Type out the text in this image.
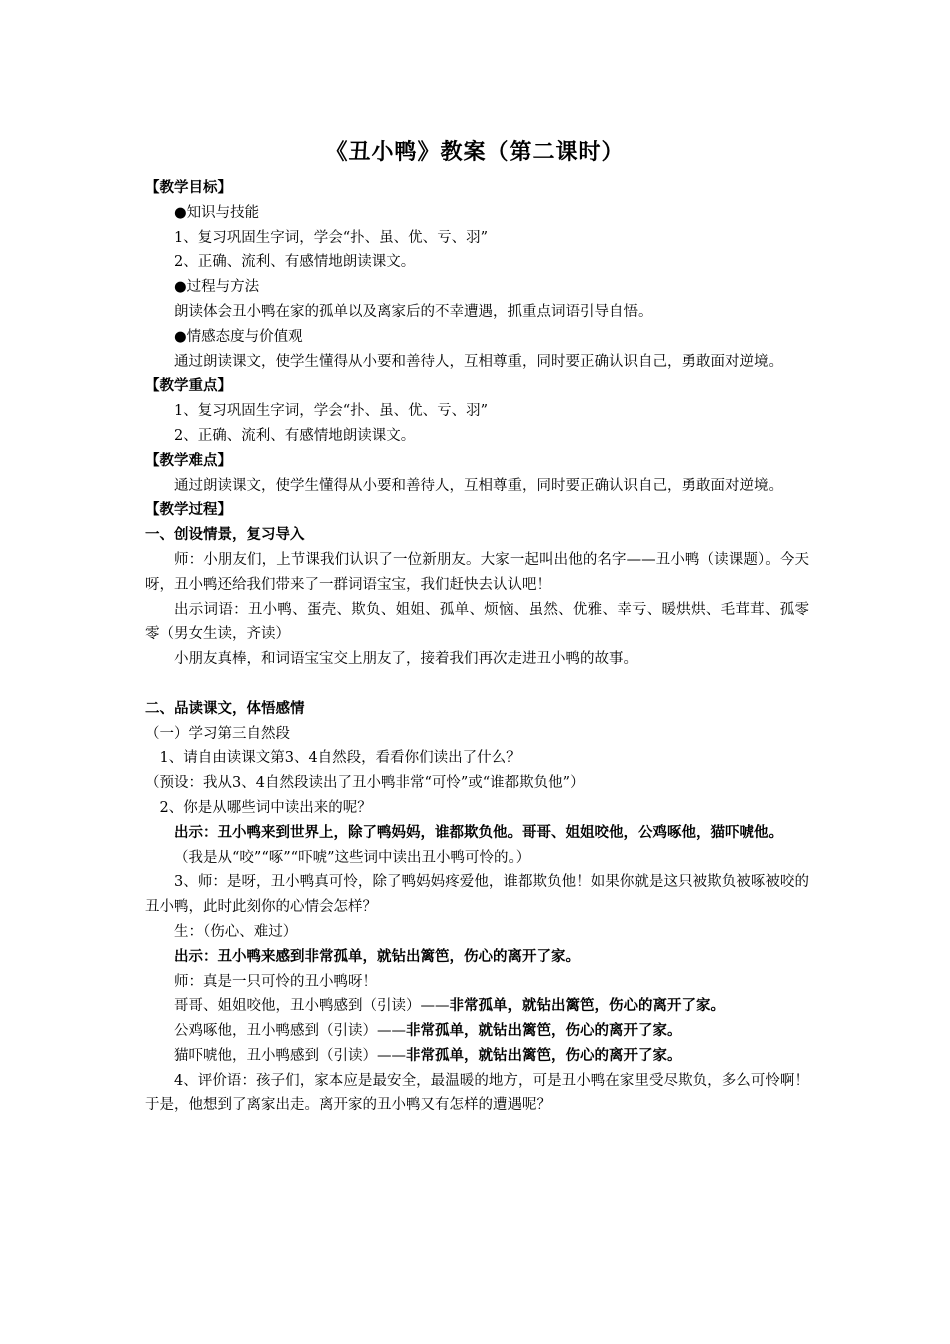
《丑小鸭》教案（第二课时）

【教学目标】

●知识与技能

1、复习巩固生字词，学会“扑、虽、优、亏、羽”

2、正确、流利、有感情地朗读课文。

●过程与方法

朗读体会丑小鸭在家的孤单以及离家后的不幸遭遇，抓重点词语引导自悟。

●情感态度与价值观

通过朗读课文，使学生懂得从小要和善待人，互相尊重，同时要正确认识自己，勇敢面对逆境。

【教学重点】

1、复习巩固生字词，学会“扑、虽、优、亏、羽”

2、正确、流利、有感情地朗读课文。

【教学难点】

通过朗读课文，使学生懂得从小要和善待人，互相尊重，同时要正确认识自己，勇敢面对逆境。

【教学过程】

一、创设情景，复习导入

师：小朋友们，上节课我们认识了一位新朋友。大家一起叫出他的名字——丑小鸭（读课题）。今天呀，丑小鸭还给我们带来了一群词语宝宝，我们赶快去认认吧！

出示词语：丑小鸭、蛋壳、欺负、姐姐、孤单、烦恼、虽然、优雅、幸亏、暖烘烘、毛茸茸、孤零零（男女生读，齐读）

小朋友真棒，和词语宝宝交上朋友了，接着我们再次走进丑小鸭的故事。

二、品读课文，体悟感情

（一）学习第三自然段

1、请自由读课文第3、4自然段，看看你们读出了什么？

（预设：我从3、4自然段读出了丑小鸭非常“可怜”或“谁都欺负他”）

2、你是从哪些词中读出来的呢？

出示：丑小鸭来到世界上，除了鸭妈妈，谁都欺负他。哥哥、姐姐咬他，公鸡啄他，猫吓唬他。

（我是从“咬”“啄”“吓唬”这些词中读出丑小鸭可怜的。）

3、师：是呀，丑小鸭真可怜，除了鸭妈妈疼爱他，谁都欺负他！如果你就是这只被欺负被啄被咬的丑小鸭，此时此刻你的心情会怎样？

生：（伤心、难过）

出示：丑小鸭来感到非常孤单，就钻出篱笆，伤心的离开了家。

师：真是一只可怜的丑小鸭呀！

哥哥、姐姐咬他，丑小鸭感到（引读）——非常孤单，就钻出篱笆，伤心的离开了家。

公鸡啄他，丑小鸭感到（引读）——非常孤单，就钻出篱笆，伤心的离开了家。

猫吓唬他，丑小鸭感到（引读）——非常孤单，就钻出篱笆，伤心的离开了家。

4、评价语：孩子们，家本应是最安全，最温暖的地方，可是丑小鸭在家里受尽欺负，多么可怜啊！于是，他想到了离家出走。离开家的丑小鸭又有怎样的遭遇呢？
